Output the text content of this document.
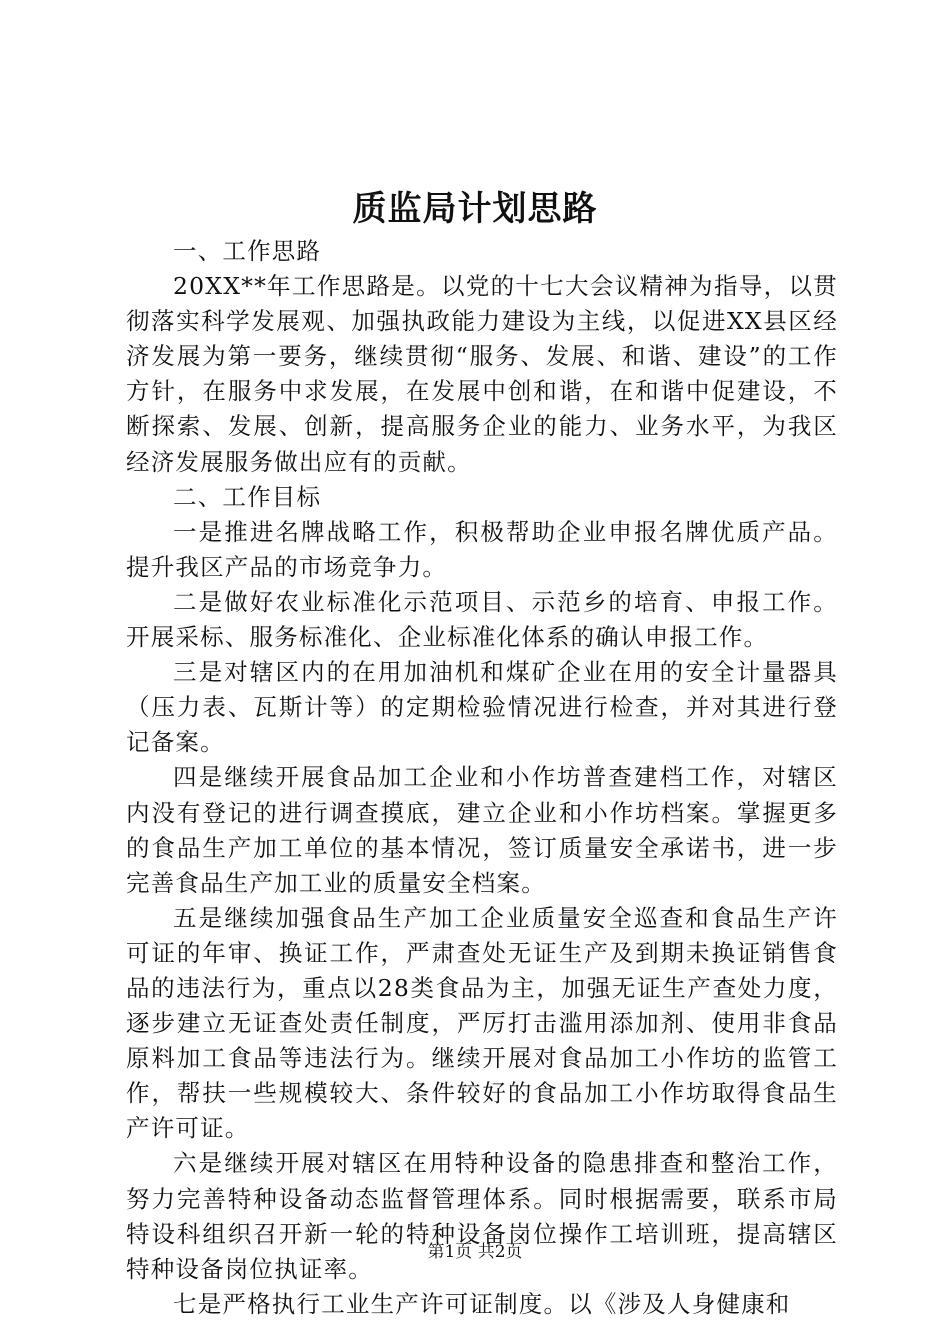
质监局计划思路

一、工作思路

20XX**年工作思路是。以党的十七大会议精神为指导，以贯彻落实科学发展观、加强执政能力建设为主线，以促进XX县区经济发展为第一要务，继续贯彻“服务、发展、和谐、建设”的工作方针，在服务中求发展，在发展中创和谐，在和谐中促建设，不断探索、发展、创新，提高服务企业的能力、业务水平，为我区经济发展服务做出应有的贡献。

二、工作目标

一是推进名牌战略工作，积极帮助企业申报名牌优质产品。提升我区产品的市场竞争力。

二是做好农业标准化示范项目、示范乡的培育、申报工作。开展采标、服务标准化、企业标准化体系的确认申报工作。

三是对辖区内的在用加油机和煤矿企业在用的安全计量器具（压力表、瓦斯计等）的定期检验情况进行检查，并对其进行登记备案。

四是继续开展食品加工企业和小作坊普查建档工作，对辖区内没有登记的进行调查摸底，建立企业和小作坊档案。掌握更多的食品生产加工单位的基本情况，签订质量安全承诺书，进一步完善食品生产加工业的质量安全档案。

五是继续加强食品生产加工企业质量安全巡查和食品生产许可证的年审、换证工作，严肃查处无证生产及到期未换证销售食品的违法行为，重点以28类食品为主，加强无证生产查处力度，逐步建立无证查处责任制度，严厉打击滥用添加剂、使用非食品原料加工食品等违法行为。继续开展对食品加工小作坊的监管工作，帮扶一些规模较大、条件较好的食品加工小作坊取得食品生产许可证。

六是继续开展对辖区在用特种设备的隐患排查和整治工作，努力完善特种设备动态监督管理体系。同时根据需要，联系市局特设科组织召开新一轮的特种设备岗位操作工培训班，提高辖区特种设备岗位执证率。

七是严格执行工业生产许可证制度。以《涉及人身健康和

第1页 共2页
